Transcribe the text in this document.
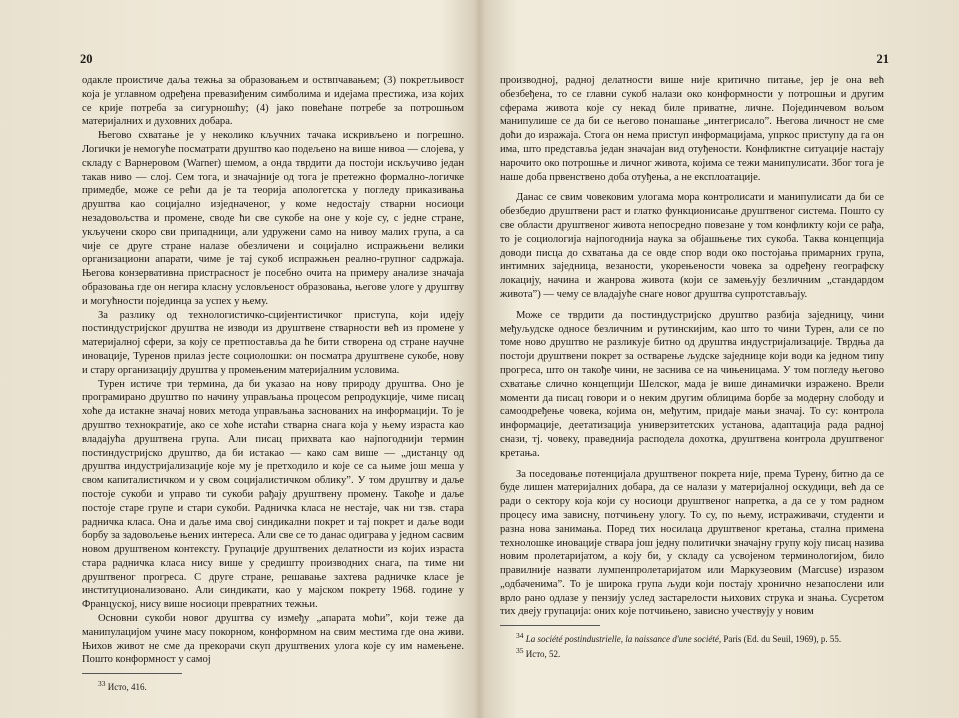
20

одакле проистиче даља тежња за образовањем и оствпчавањем; (3) покретљивост која је углавном одређена превазиђеним симболима и идејама престижа, иза којих се крије потреба за сигурношћу; (4) јако повећане потребе за потрошњом материјалних и духовних добара.

Његово схватање је у неколико кључних тачака искривљено и погрешно. Логички је немогуће посматрати друштво као подељено на више нивоа — слојева, у складу с Варнеровом (Warner) шемом, а онда тврдити да постоји искључиво један такав ниво — слој. Сем тога, и значајније од тога је претежно формално-логичке примедбе, може се рећи да је та теорија апологетска у погледу приказивања друштва као социјално изједначеног, у коме недостају стварни носиоци незадовољства и промене, своде ћи све сукобе на оне у које су, с једне стране, укључени скоро сви припадници, али удружени само на нивоу малих група, а са чије се друге стране налазе обезличени и социјално испражњени велики организациони апарати, чиме је тај сукоб испражњен реално-групног садржаја. Његова конзервативна пристрасност је посебно очита на примеру анализе значаја образовања где он негира класну условљеност образовања, његове улоге у друштву и могућности појединца за успех у њему.

За разлику од технологистичко-сцијентистичког приступа, који идеју постиндустријског друштва не изводи из друштвене стварности већ из промене у материјалној сфери, за коју се претпоставља да ће бити створена од стране научне иновације, Туренов прилаз јесте социолошки: он посматра друштвене сукобе, нову и стару организацију друштва у промењеним материјалним условима.

Турен истиче три термина, да би указао на нову природу друштва. Оно је програмирано друштво по начину управљања процесом репродукције, чиме писац хоће да истакне значај нових метода управљања заснованих на информацији. То је друштво технократије, ако се хоће истаћи стварна снага која у њему израста као владајућа друштвена група. Али писац прихвата као најпогоднији термин постиндустријско друштво, да би истакао — како сам више — „дистанцу од друштва индустријализације које му је претходило и које се са њиме још меша у свом капиталистичком и у свом социјалистичком облику”. У том друштву и даље постоје сукоби и управо ти сукоби рађају друштвену промену. Такође и даље постоје старе групе и стари сукоби. Радничка класа не нестаје, чак ни тзв. стара радничка класа. Она и даље има свој синдикални покрет и тај покрет и даље води борбу за задовољење њених интереса. Али све се то данас одиграва у једном сасвим новом друштвеном контексту. Групације друштвених делатности из којих израста стара радничка класа нису више у средишту производних снага, па тиме ни друштвеног прогреса. С друге стране, решавање захтева радничке класе је институционализовано. Али синдикати, као у мајском покрету 1968. године у Француској, нису више носиоци превратних тежњи.

Основни сукоби новог друштва су између „апарата моћи”, који теже да манипулацијом учине масу покорном, конформном на свим местима где она живи. Њихов живот не сме да прекорачи скуп друштвених улога које су им намењене. Пошто конформност у самој

$^{33}$ Исто, 416.

21

производној, радној делатности више није критично питање, јер је она већ обезбеђена, то се главни сукоб налази око конформности у потрошњи и другим сферама живота које су некад биле приватне, личне. Појединчевом вољом манипулише се да би се његово понашање „интегрисало”. Његова личност не сме доћи до изражаја. Стога он нема приступ информацијама, упркос приступу да га он има, што представља један значајан вид отуђености. Конфликтне ситуације настају нарочито око потрошње и личног живота, којима се тежи манипулисати. Због тога је наше доба првенствено доба отуђења, а не експлоатације.

Данас се свим човековим улогама мора контролисати и манипулисати да би се обезбедио друштвени раст и глатко функционисање друштвеног система. Пошто су све области друштвеног живота непосредно повезане у том конфликту који се рађа, то је социологија најпогоднија наука за објашњење тих сукоба. Таква концепција доводи писца до схватања да се овде спор води око постојања примарних група, интимних заједница, везаности, укорењености човека за одређену географску локацију, начина и жанрова живота (који се замењују безличним „стандардом живота”) — чему се владајуће снаге новог друштва супротстављају.

Може се тврдити да постиндустријско друштво разбија заједницу, чини међуљудске односе безличним и рутинскијим, као што то чини Турен, али се по томе ново друштво не разликује битно од друштва индустријализације. Тврдња да постоји друштвени покрет за остварење људске заједнице који води ка једном типу прогреса, што он такође чини, не заснива се на чињеницама. У том погледу његово схватање слично концепцији Шелског, мада је више динамички изражено. Врели моменти да писац говори и о неким другим облицима борбе за модерну слободу и самоодређење човека, којима он, међутим, придаје мањи значај. То су: контрола информације, деетатизација универзитетских установа, адаптација рада радној снази, тј. човеку, праведнија расподела дохотка, друштвена контрола друштвеног кретања.

За поседовање потенцијала друштвеног покрета није, према Турену, битно да се буде лишен материјалних добара, да се налази у материјалној оскудици, већ да се ради о сектору која који су носиоци друштвеног напретка, а да се у том радном процесу има зависну, потчињену улогу. То су, по њему, истраживачи, студенти и разна нова занимања. Поред тих носилаца друштвеног кретања, стална примена технолошке иновације ствара још једну политички значајну групу коју писац назива новим пролетаријатом, а коју би, у складу са усвојеном терминологијом, било правилније назвати лумпенпролетаријатом или Маркузеовим (Marcuse) изразом „одбаченима”. То је широка група људи који постају хронично незапослени или врло рано одлазе у пензију услед застарелости њихових струка и знања. Сусретом тих двеју групација: оних које потчињено, зависно учествују у новим

$^{34}$ La société postindustrielle, la naissance d'une société, Paris (Ed. du Seuil, 1969), p. 55.

$^{35}$ Исто, 52.
